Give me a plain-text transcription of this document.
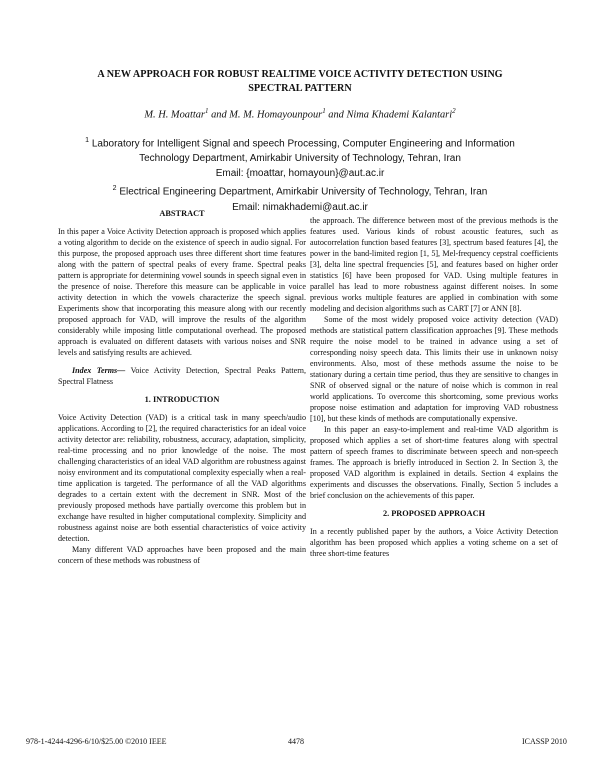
A NEW APPROACH FOR ROBUST REALTIME VOICE ACTIVITY DETECTION USING
SPECTRAL PATTERN
M. H. Moattar$^1$ and M. M. Homayounpour$^1$ and Nima Khademi Kalantari$^2$
$^1$ Laboratory for Intelligent Signal and speech Processing, Computer Engineering and Information
Technology Department, Amirkabir University of Technology, Tehran, Iran
Email: {moattar, homayoun}@aut.ac.ir
$^2$ Electrical Engineering Department, Amirkabir University of Technology, Tehran, Iran
Email: nimakhademi@aut.ac.ir

ABSTRACT

In this paper a Voice Activity Detection approach is proposed which applies a voting algorithm to decide on the existence of speech in audio signal. For this purpose, the proposed approach uses three different short time features along with the pattern of spectral peaks of every frame. Spectral peaks pattern is appropriate for determining vowel sounds in speech signal even in the presence of noise. Therefore this measure can be applicable in voice activity detection in which the vowels characterize the speech signal. Experiments show that incorporating this measure along with our recently proposed approach for VAD, will improve the results of the algorithm considerably while imposing little computational overhead. The proposed approach is evaluated on different datasets with various noises and SNR levels and satisfying results are achieved.

Index Terms— Voice Activity Detection, Spectral Peaks Pattern, Spectral Flatness

1. INTRODUCTION

Voice Activity Detection (VAD) is a critical task in many speech/audio applications. According to [2], the required characteristics for an ideal voice activity detector are: reliability, robustness, accuracy, adaptation, simplicity, real-time processing and no prior knowledge of the noise. The most challenging characteristics of an ideal VAD algorithm are robustness against noisy environment and its computational complexity especially when a real-time application is targeted. The performance of all the VAD algorithms degrades to a certain extent with the decrement in SNR. Most of the previously proposed methods have partially overcome this problem but in exchange have resulted in higher computational complexity. Simplicity and robustness against noise are both essential characteristics of voice activity detection.

Many different VAD approaches have been proposed and the main concern of these methods was robustness of

the approach. The difference between most of the previous methods is the features used. Various kinds of robust acoustic features, such as autocorrelation function based features [3], spectrum based features [4], the power in the band-limited region [1, 5], Mel-frequency cepstral coefficients [3], delta line spectral frequencies [5], and features based on higher order statistics [6] have been proposed for VAD. Using multiple features in parallel has lead to more robustness against different noises. In some previous works multiple features are applied in combination with some modeling and decision algorithms such as CART [7] or ANN [8].

Some of the most widely proposed voice activity detection (VAD) methods are statistical pattern classification approaches [9]. These methods require the noise model to be trained in advance using a set of corresponding noisy speech data. This limits their use in unknown noisy environments. Also, most of these methods assume the noise to be stationary during a certain time period, thus they are sensitive to changes in SNR of observed signal or the nature of noise which is common in real world applications. To overcome this shortcoming, some previous works propose noise estimation and adaptation for improving VAD robustness [10], but these kinds of methods are computationally expensive.

In this paper an easy-to-implement and real-time VAD algorithm is proposed which applies a set of short-time features along with spectral pattern of speech frames to discriminate between speech and non-speech frames. The approach is briefly introduced in Section 2. In Section 3, the proposed VAD algorithm is explained in details. Section 4 explains the experiments and discusses the observations. Finally, Section 5 includes a brief conclusion on the achievements of this paper.

2. PROPOSED APPROACH

In a recently published paper by the authors, a Voice Activity Detection algorithm has been proposed which applies a voting scheme on a set of three short-time features

978-1-4244-4296-6/10/$25.00 ©2010 IEEE	4478	ICASSP 2010
